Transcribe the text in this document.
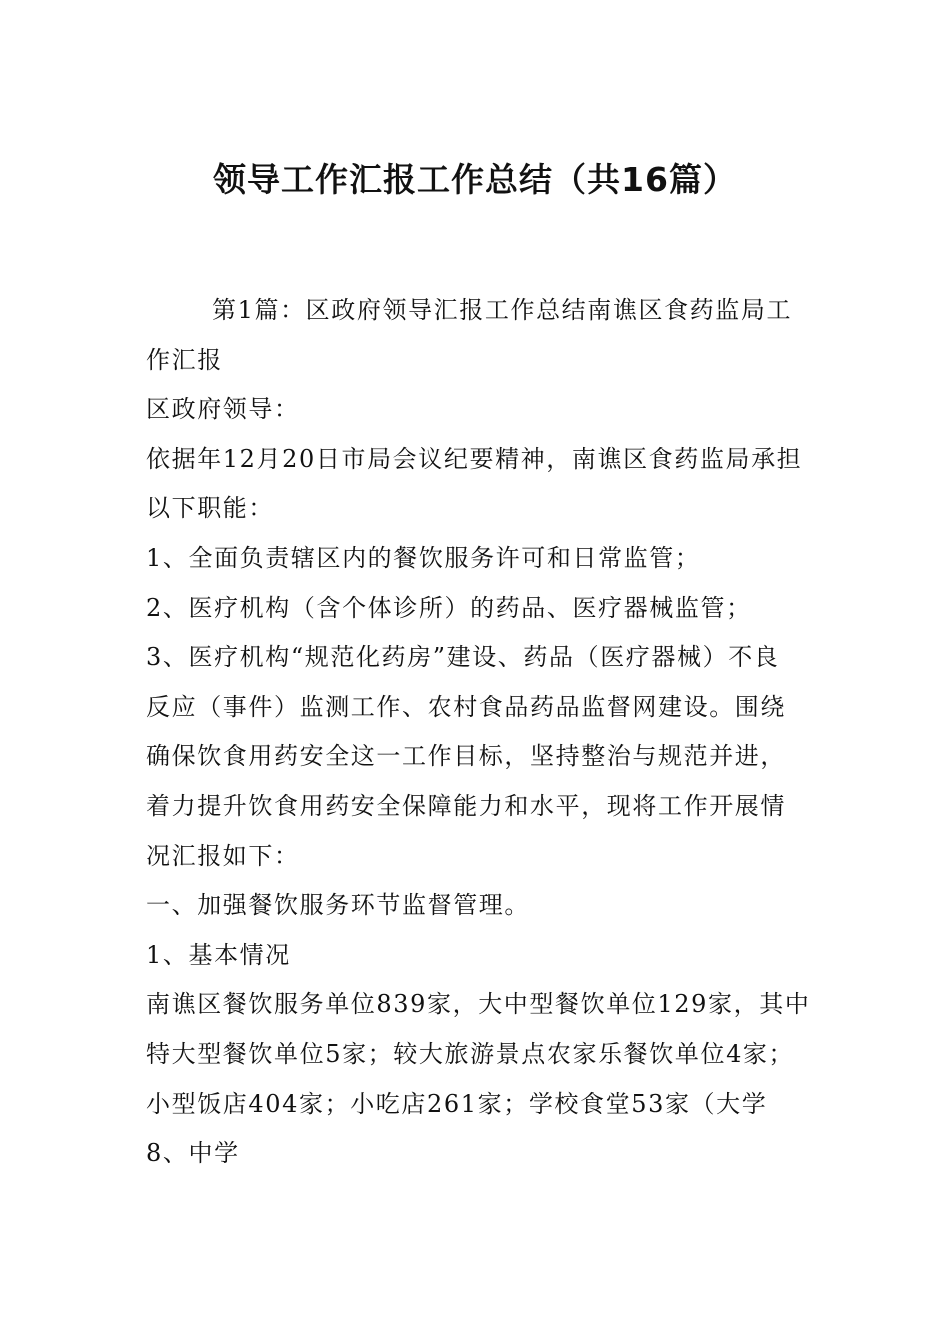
领导工作汇报工作总结（共16篇）

第1篇：区政府领导汇报工作总结南谯区食药监局工

作汇报

区政府领导：

依据年12月20日市局会议纪要精神，南谯区食药监局承担

以下职能：

1、全面负责辖区内的餐饮服务许可和日常监管；

2、医疗机构（含个体诊所）的药品、医疗器械监管；

3、医疗机构“规范化药房”建设、药品（医疗器械）不良

反应（事件）监测工作、农村食品药品监督网建设。围绕

确保饮食用药安全这一工作目标，坚持整治与规范并进，

着力提升饮食用药安全保障能力和水平，现将工作开展情

况汇报如下：

一、加强餐饮服务环节监督管理。

1、基本情况

南谯区餐饮服务单位839家，大中型餐饮单位129家，其中

特大型餐饮单位5家；较大旅游景点农家乐餐饮单位4家；

小型饭店404家；小吃店261家；学校食堂53家（大学

8、中学
